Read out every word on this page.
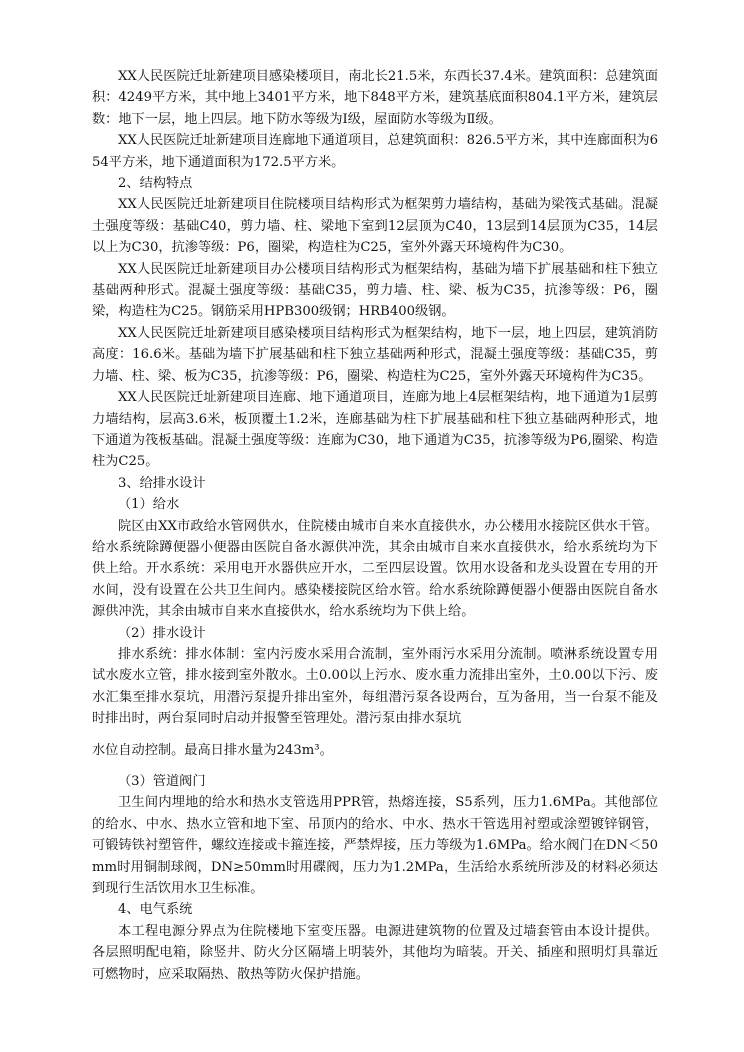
XX人民医院迁址新建项目感染楼项目，南北长21.5米，东西长37.4米。建筑面积：总建筑面积：4249平方米，其中地上3401平方米，地下848平方米，建筑基底面积804.1平方米，建筑层数：地下一层，地上四层。地下防水等级为Ⅰ级，屋面防水等级为Ⅱ级。

XX人民医院迁址新建项目连廊地下通道项目，总建筑面积：826.5平方米，其中连廊面积为654平方米，地下通道面积为172.5平方米。

2、结构特点

XX人民医院迁址新建项目住院楼项目结构形式为框架剪力墙结构，基础为梁筏式基础。混凝土强度等级：基础C40，剪力墙、柱、梁地下室到12层顶为C40，13层到14层顶为C35，14层以上为C30，抗渗等级：P6，圈梁，构造柱为C25，室外外露天环境构件为C30。

XX人民医院迁址新建项目办公楼项目结构形式为框架结构，基础为墙下扩展基础和柱下独立基础两种形式。混凝土强度等级：基础C35，剪力墙、柱、梁、板为C35，抗渗等级：P6，圈梁，构造柱为C25。钢筋采用HPB300级钢；HRB400级钢。

XX人民医院迁址新建项目感染楼项目结构形式为框架结构，地下一层，地上四层，建筑消防高度：16.6米。基础为墙下扩展基础和柱下独立基础两种形式，混凝土强度等级：基础C35，剪力墙、柱、梁、板为C35，抗渗等级：P6，圈梁、构造柱为C25，室外外露天环境构件为C35。

XX人民医院迁址新建项目连廊、地下通道项目，连廊为地上4层框架结构，地下通道为1层剪力墙结构，层高3.6米，板顶覆土1.2米，连廊基础为柱下扩展基础和柱下独立基础两种形式，地下通道为筏板基础。混凝土强度等级：连廊为C30，地下通道为C35，抗渗等级为P6,圈梁、构造柱为C25。

3、给排水设计

（1）给水

院区由XX市政给水管网供水，住院楼由城市自来水直接供水，办公楼用水接院区供水干管。给水系统除蹲便器小便器由医院自备水源供冲洗，其余由城市自来水直接供水，给水系统均为下供上给。开水系统：采用电开水器供应开水，二至四层设置。饮用水设备和龙头设置在专用的开水间，没有设置在公共卫生间内。感染楼接院区给水管。给水系统除蹲便器小便器由医院自备水源供冲洗，其余由城市自来水直接供水，给水系统均为下供上给。

（2）排水设计

排水系统：排水体制：室内污废水采用合流制，室外雨污水采用分流制。喷淋系统设置专用试水废水立管，排水接到室外散水。土0.00以上污水、废水重力流排出室外，土0.00以下污、废水汇集至排水泵坑，用潜污泵提升排出室外，每组潜污泵各设两台，互为备用，当一台泵不能及时排出时，两台泵同时启动并报警至管理处。潜污泵由排水泵坑

水位自动控制。最高日排水量为243m³。

（3）管道阀门

卫生间内埋地的给水和热水支管选用PPR管，热熔连接，S5系列，压力1.6MPa。其他部位的给水、中水、热水立管和地下室、吊顶内的给水、中水、热水干管选用衬塑或涂塑镀锌钢管，可锻铸铁衬塑管件，螺纹连接或卡箍连接，严禁焊接，压力等级为1.6MPa。给水阀门在DN＜50mm时用铜制球阀，DN≥50mm时用碟阀，压力为1.2MPa，生活给水系统所涉及的材料必须达到现行生活饮用水卫生标准。

4、电气系统

本工程电源分界点为住院楼地下室变压器。电源进建筑物的位置及过墙套管由本设计提供。各层照明配电箱，除竖井、防火分区隔墙上明装外，其他均为暗装。开关、插座和照明灯具靠近可燃物时，应采取隔热、散热等防火保护措施。
